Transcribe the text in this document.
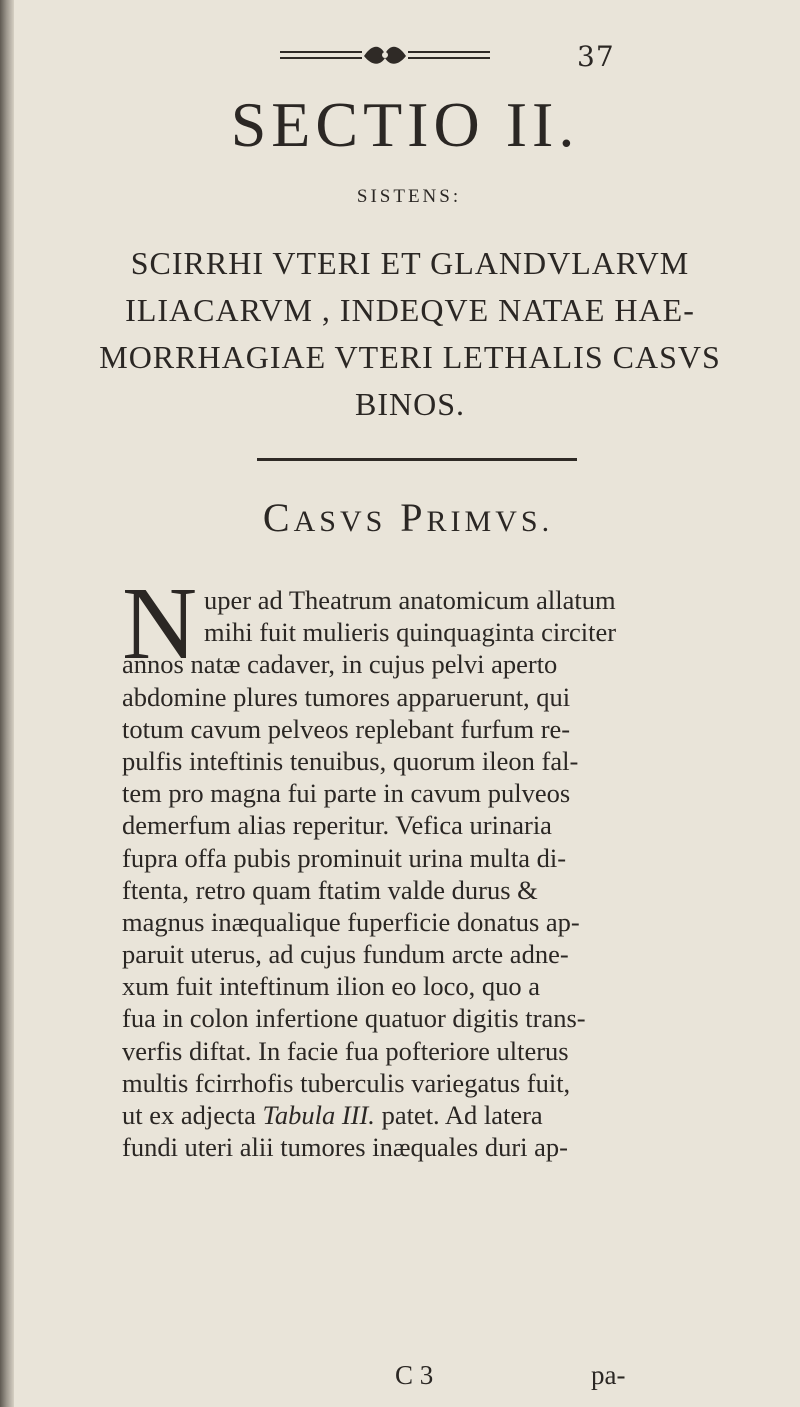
37
SECTIO II.
SISTENS:
SCIRRHI VTERI ET GLANDVLARVM
ILIACARVM , INDEQVE NATAE HAE-
MORRHAGIAE VTERI LETHALIS CASVS
BINOS.
CASVS PRIMVS.
N uper ad Theatrum anatomicum allatum
mihi fuit mulieris quinquaginta circiter
annos natæ cadaver, in cujus pelvi aperto
abdomine plures tumores apparuerunt, qui
totum cavum pelveos replebant furfum re-
pulfis inteftinis tenuibus, quorum ileon fal-
tem pro magna fui parte in cavum pulveos
demerfum alias reperitur. Vefica urinaria
fupra offa pubis prominuit urina multa di-
ftenta, retro quam ftatim valde durus &
magnus inæqualique fuperficie donatus ap-
paruit uterus, ad cujus fundum arcte adne-
xum fuit inteftinum ilion eo loco, quo a
fua in colon infertione quatuor digitis trans-
verfis diftat. In facie fua pofteriore ulterus
multis fcirrhofis tuberculis variegatus fuit,
ut ex adjecta Tabula III. patet. Ad latera
fundi uteri alii tumores inæquales duri ap-
C 3	pa-
